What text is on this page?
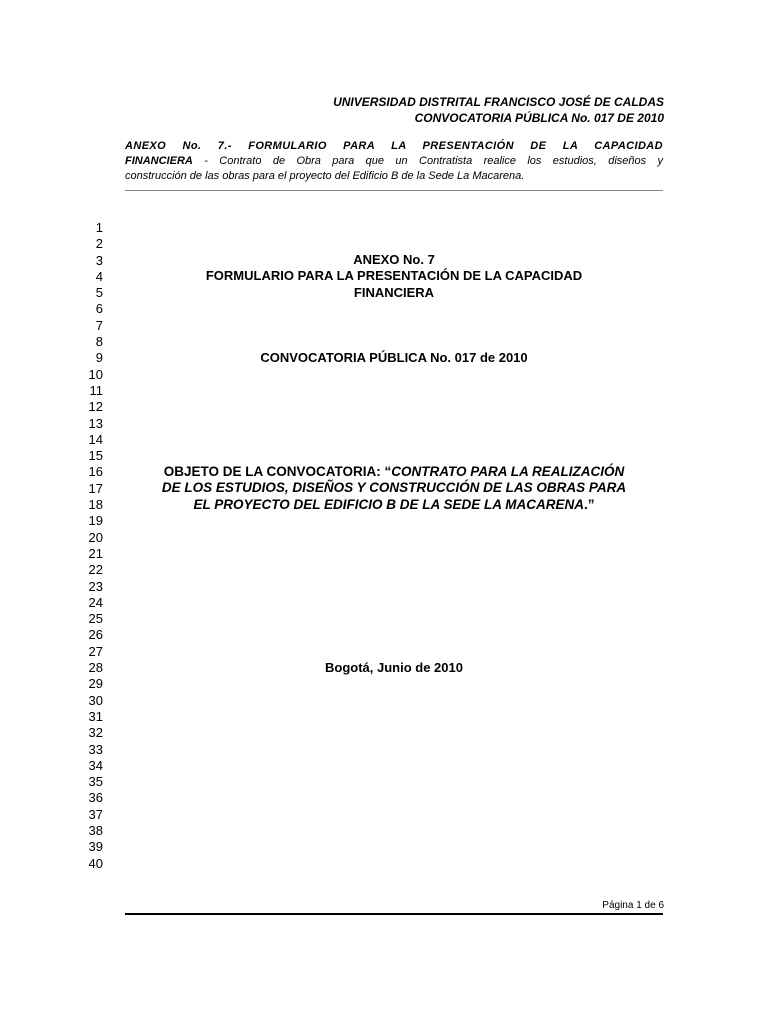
UNIVERSIDAD DISTRITAL FRANCISCO JOSÉ DE CALDAS
CONVOCATORIA PÚBLICA No. 017 DE 2010
ANEXO No. 7.- FORMULARIO PARA LA PRESENTACIÓN DE LA CAPACIDAD
FINANCIERA - Contrato de Obra para que un Contratista realice los estudios, diseños y
construcción de las obras para el proyecto del Edificio B de la Sede La Macarena.
1
2
3
4
5
6
7
8
9
10
11
12
13
14
15
16
17
18
19
20
21
22
23
24
25
26
27
28
29
30
31
32
33
34
35
36
37
38
39
40
ANEXO No. 7
FORMULARIO PARA LA PRESENTACIÓN DE LA CAPACIDAD
FINANCIERA
CONVOCATORIA PÚBLICA No. 017 de 2010
OBJETO DE LA CONVOCATORIA: “CONTRATO PARA LA REALIZACIÓN
DE LOS ESTUDIOS, DISEÑOS Y CONSTRUCCIÓN DE LAS OBRAS PARA
EL PROYECTO DEL EDIFICIO B DE LA SEDE LA MACARENA.”
Bogotá, Junio de 2010
Página 1 de 6
